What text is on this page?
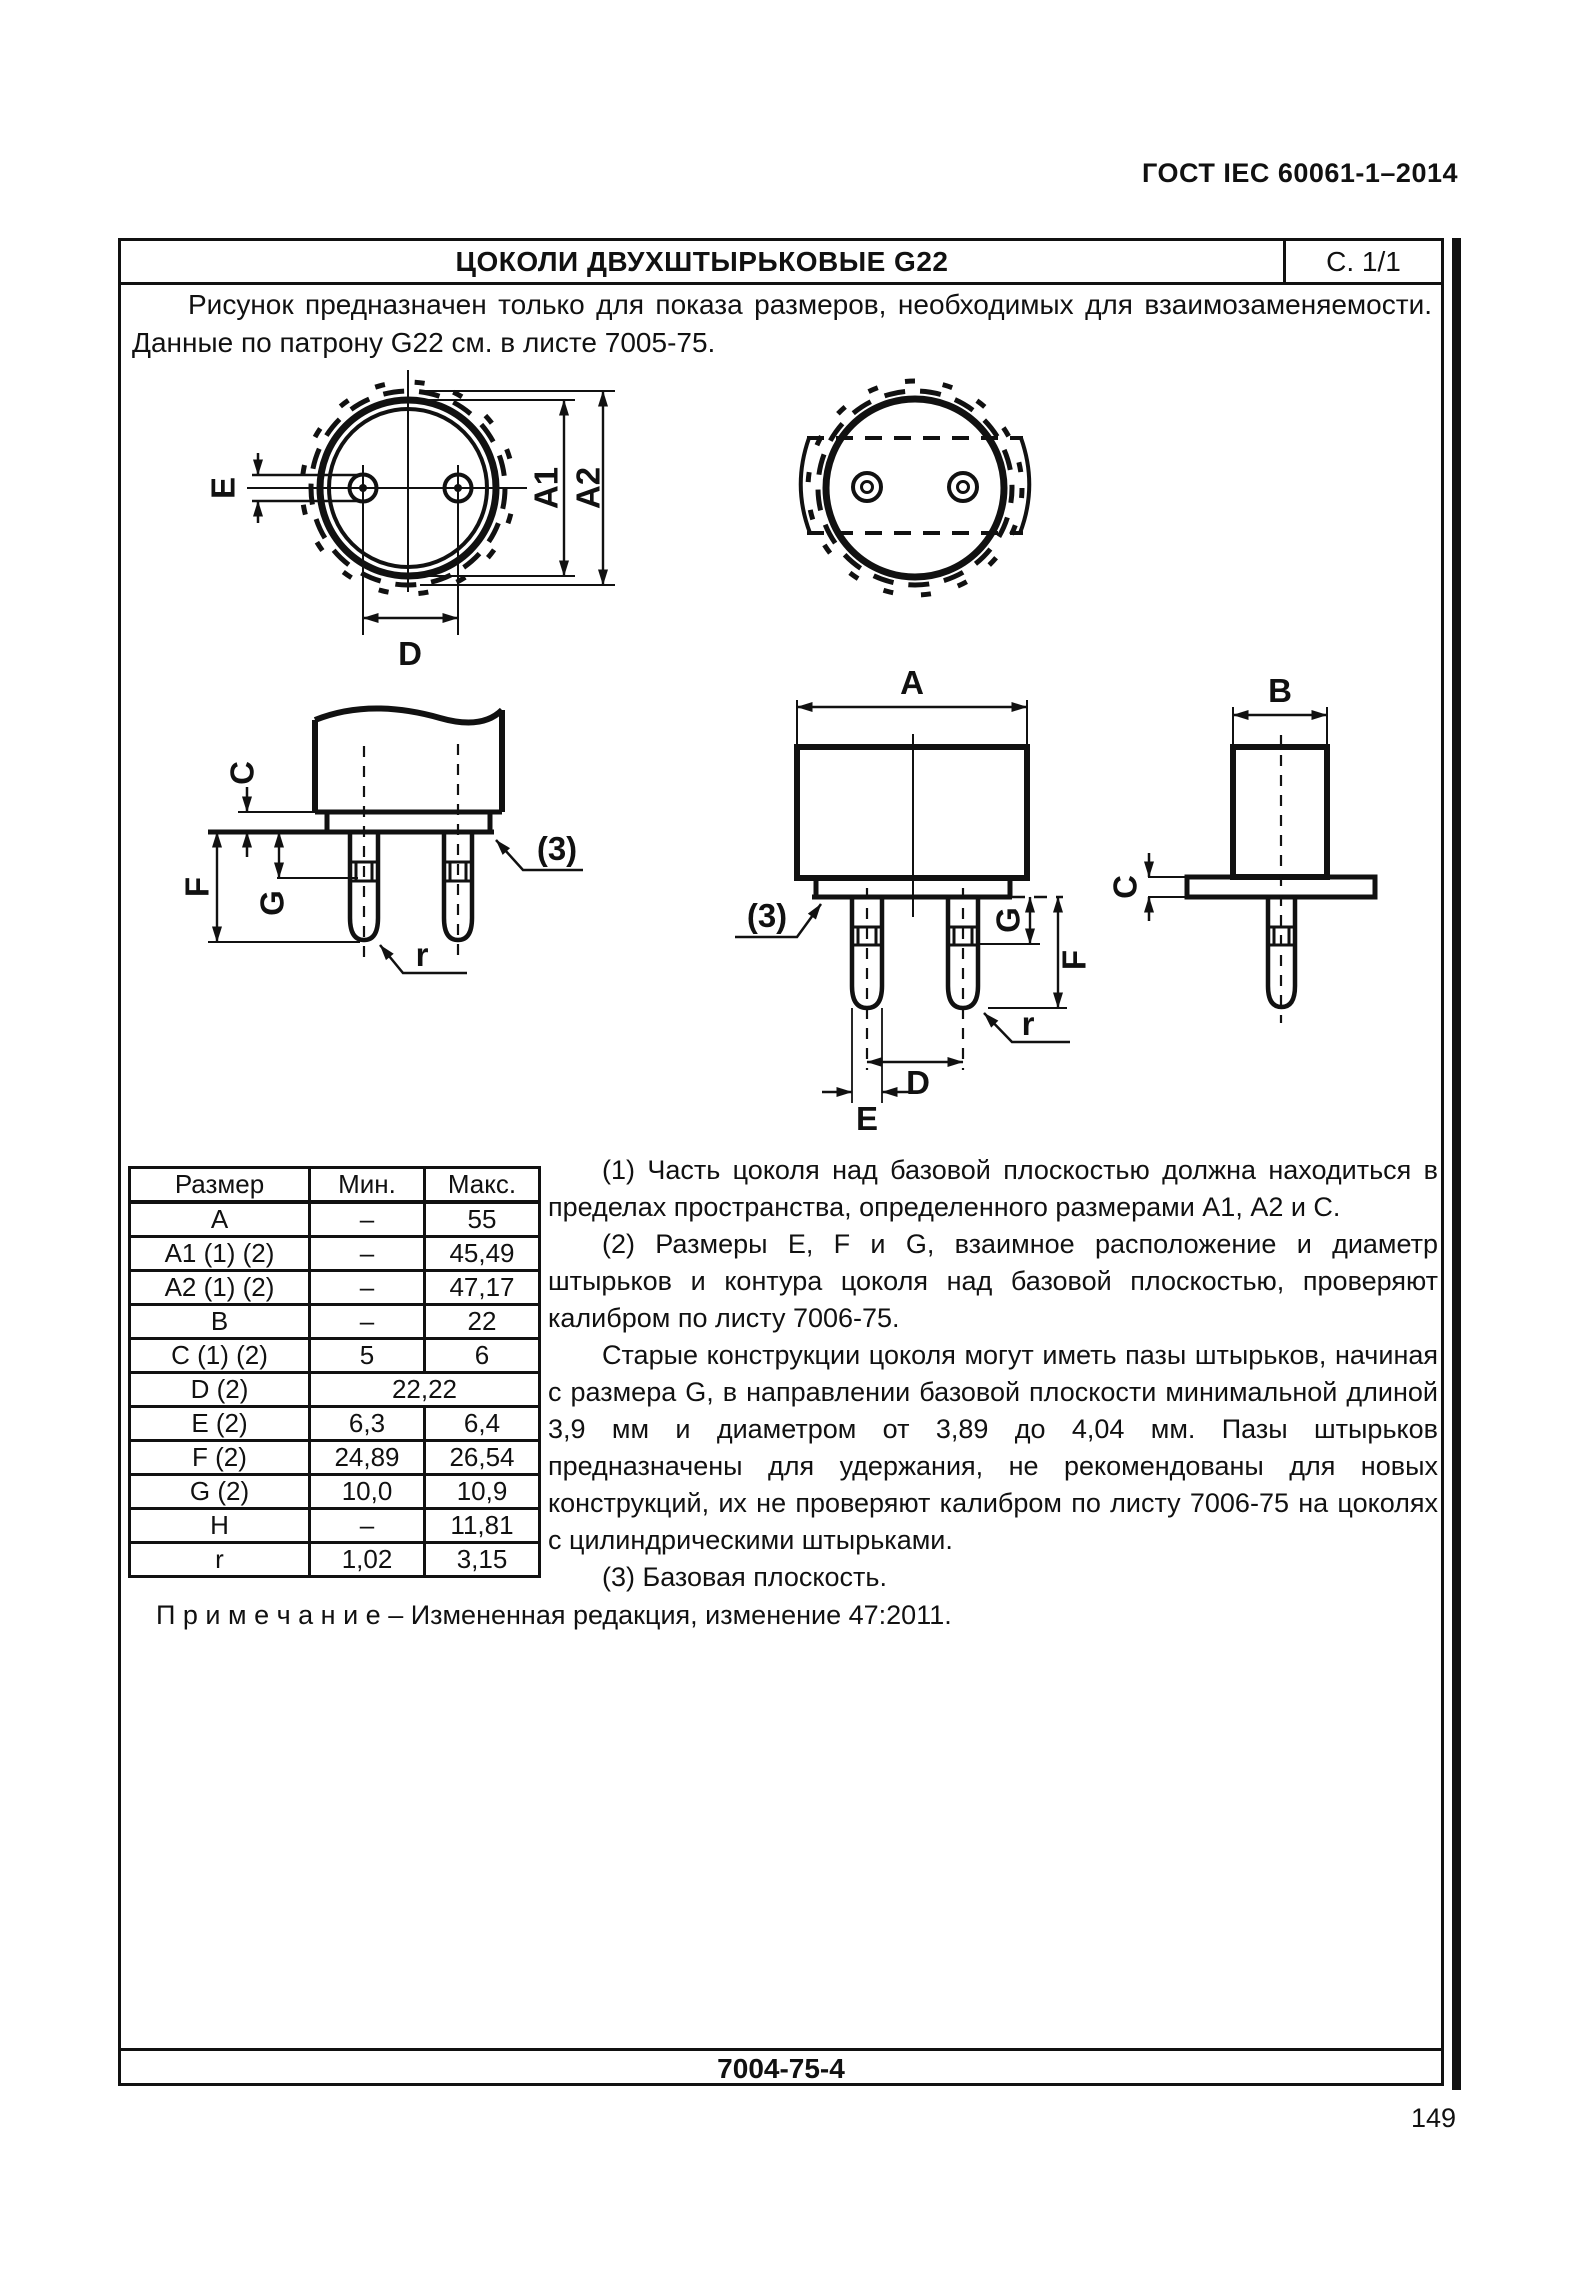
ГОСТ IEC 60061-1–2014
ЦОКОЛИ ДВУХШТЫРЬКОВЫЕ G22	С. 1/1

Рисунок предназначен только для показа размеров, необходимых для взаимозаменяемости. Данные по патрону G22 см. в листе 7005-75.

E	A1 A2
D
C
F
G
r
(3)
A
(3)	G
F
r
D
E
B
C
Размер	Мин.	Макс.
A	–	55
A1 (1) (2)	–	45,49
A2 (1) (2)	–	47,17
B	–	22
C (1) (2)	5	6
D (2)	22,22	
E (2)	6,3	6,4
F (2)	24,89	26,54
G (2)	10,0	10,9
H	–	11,81
r	1,02	3,15

(1) Часть цоколя над базовой плоскостью должна находиться в пределах пространства, определенного размерами А1, А2 и С.

(2) Размеры E, F и G, взаимное расположение и диаметр штырьков и контура цоколя над базовой плоскостью, проверяют калибром по листу 7006-75.

Старые конструкции цоколя могут иметь пазы штырьков, начиная с размера G, в направлении базовой плоскости минимальной длиной 3,9 мм и диаметром от 3,89 до 4,04 мм. Пазы штырьков предназначены для удержания, не рекомендованы для новых конструкций, их не проверяют калибром по листу 7006-75 на цоколях с цилиндрическими штырьками.

(3) Базовая плоскость.

П р и м е ч а н и е – Измененная редакция, изменение 47:2011.

7004-75-4
149
